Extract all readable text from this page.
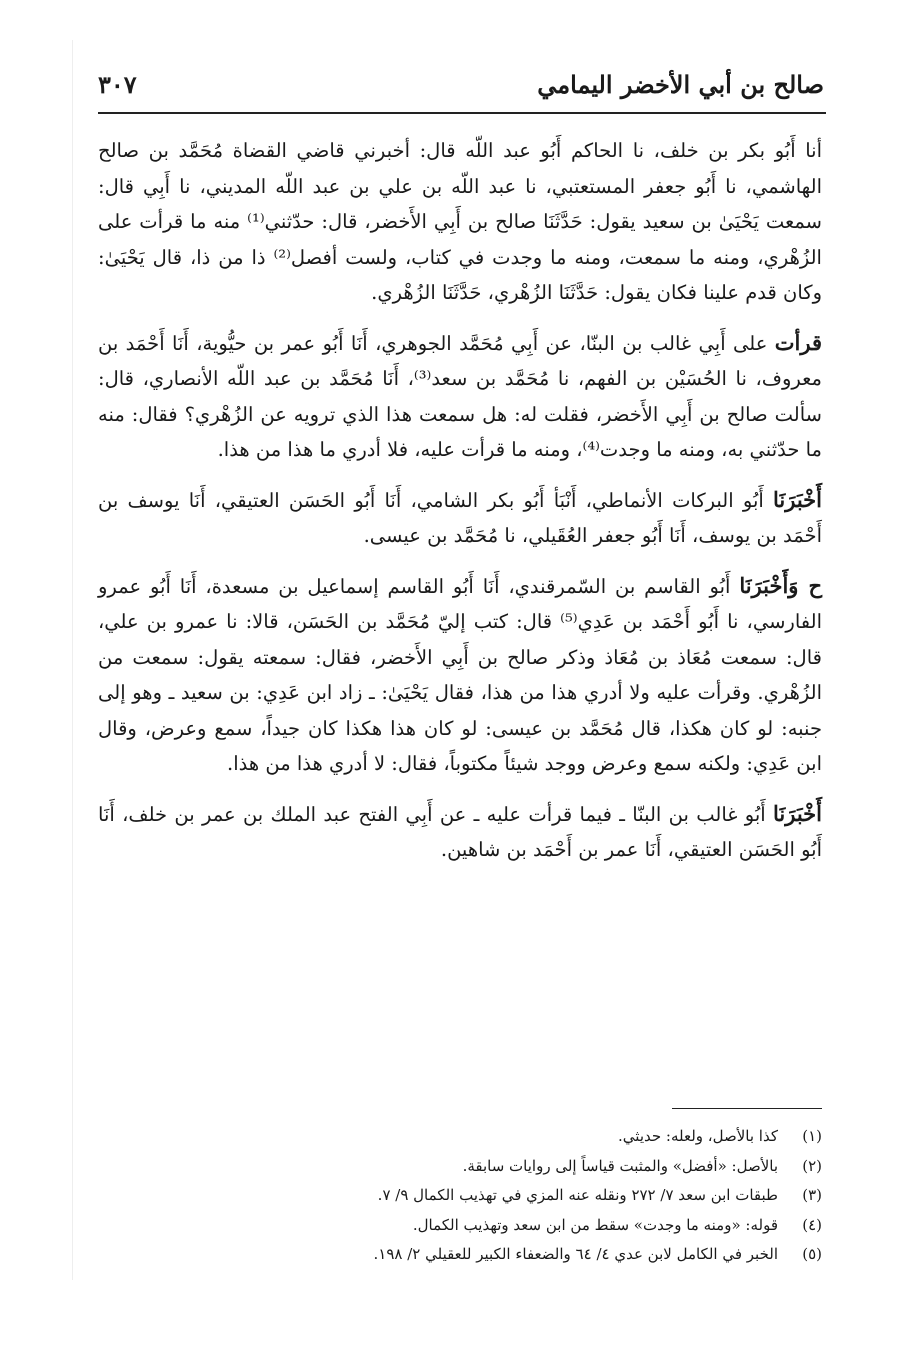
صالح بن أبي الأخضر اليمامي
٣٠٧

أنا أَبُو بكر بن خلف، نا الحاكم أَبُو عبد اللّه قال: أخبرني قاضي القضاة مُحَمَّد بن صالح الهاشمي، نا أَبُو جعفر المستعتبي، نا عبد اللّه بن علي بن عبد اللّه المديني، نا أَبِي قال: سمعت يَحْيَىٰ بن سعيد يقول: حَدَّثَنَا صالح بن أَبِي الأَخضر، قال: حدّثني⁽¹⁾ منه ما قرأت على الزُهْري، ومنه ما سمعت، ومنه ما وجدت في كتاب، ولست أفصل⁽²⁾ ذا من ذا، قال يَحْيَىٰ: وكان قدم علينا فكان يقول: حَدَّثَنَا الزُهْري، حَدَّثَنَا الزُهْري.

قرأت على أَبِي غالب بن البنّا، عن أَبِي مُحَمَّد الجوهري، أَنَا أَبُو عمر بن حيُّوية، أَنَا أَحْمَد بن معروف، نا الحُسَيْن بن الفهم، نا مُحَمَّد بن سعد⁽³⁾، أَنَا مُحَمَّد بن عبد اللّه الأنصاري، قال: سألت صالح بن أَبِي الأَخضر، فقلت له: هل سمعت هذا الذي ترويه عن الزُهْري؟ فقال: منه ما حدّثني به، ومنه ما وجدت⁽⁴⁾، ومنه ما قرأت عليه، فلا أدري ما هذا من هذا.

أَخْبَرَنَا أَبُو البركات الأنماطي، أَنْبَأ أَبُو بكر الشامي، أَنَا أَبُو الحَسَن العتيقي، أَنَا يوسف بن أَحْمَد بن يوسف، أَنَا أَبُو جعفر العُقَيلي، نا مُحَمَّد بن عيسى.

ح وَأَخْبَرَنَا أَبُو القاسم بن السّمرقندي، أَنَا أَبُو القاسم إسماعيل بن مسعدة، أَنَا أَبُو عمرو الفارسي، نا أَبُو أَحْمَد بن عَدِي⁽⁵⁾ قال: كتب إليّ مُحَمَّد بن الحَسَن، قالا: نا عمرو بن علي، قال: سمعت مُعَاذ بن مُعَاذ وذكر صالح بن أَبِي الأَخضر، فقال: سمعته يقول: سمعت من الزُهْري. وقرأت عليه ولا أدري هذا من هذا، فقال يَحْيَىٰ: ـ زاد ابن عَدِي: بن سعيد ـ وهو إلى جنبه: لو كان هكذا، قال مُحَمَّد بن عيسى: لو كان هذا هكذا كان جيداً، سمع وعرض، وقال ابن عَدِي: ولكنه سمع وعرض ووجد شيئاً مكتوباً، فقال: لا أدري هذا من هذا.

أَخْبَرَنَا أَبُو غالب بن البنّا ـ فيما قرأت عليه ـ عن أَبِي الفتح عبد الملك بن عمر بن خلف، أَنَا أَبُو الحَسَن العتيقي، أَنَا عمر بن أَحْمَد بن شاهين.

(١)
كذا بالأصل، ولعله: حديثي.
(٢)
بالأصل: «أفضل» والمثبت قياساً إلى روايات سابقة.
(٣)
طبقات ابن سعد ٧/ ٢٧٢ ونقله عنه المزي في تهذيب الكمال ٩/ ٧.
(٤)
قوله: «ومنه ما وجدت» سقط من ابن سعد وتهذيب الكمال.
(٥)
الخبر في الكامل لابن عدي ٤/ ٦٤ والضعفاء الكبير للعقيلي ٢/ ١٩٨.
